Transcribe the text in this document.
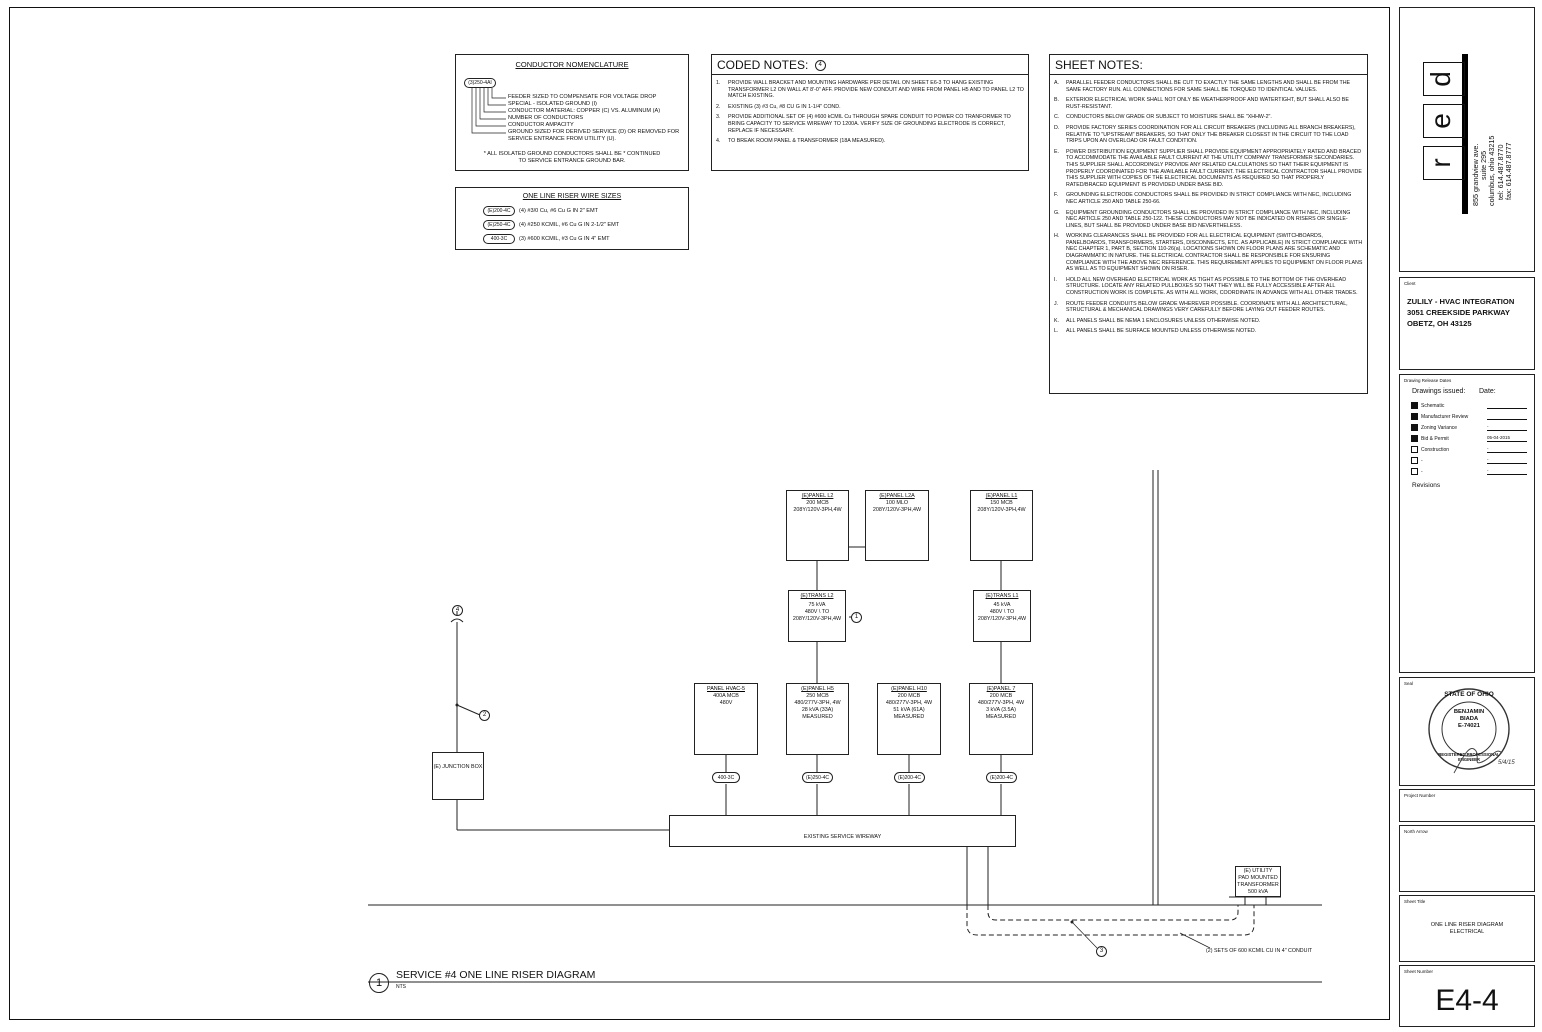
CONDUCTOR NOMENCLATURE
(3)250-4AI
FEEDER SIZED TO COMPENSATE FOR VOLTAGE DROP
SPECIAL - ISOLATED GROUND (I)
CONDUCTOR MATERIAL: COPPER (C) VS. ALUMINUM (A)
NUMBER OF CONDUCTORS
CONDUCTOR AMPACITY
GROUND SIZED FOR DERIVED SERVICE (D) OR REMOVED FOR
SERVICE ENTRANCE FROM UTILITY (U).
* ALL ISOLATED GROUND CONDUCTORS SHALL BE * CONTINUED
TO SERVICE ENTRANCE GROUND BAR.
ONE LINE RISER WIRE SIZES
(E)200-4C	(4) #3/0 Cu, #6 Cu G IN 2" EMT
(E)250-4C	(4) #250 KCMIL, #6 Cu G IN 2-1/2" EMT
400-3C	(3) #600 KCMIL, #3 Cu G IN 4" EMT
CODED NOTES: 4
1.	PROVIDE WALL BRACKET AND MOUNTING HARDWARE PER DETAIL ON SHEET E6-3 TO HANG EXISTING TRANSFORMER L2 ON WALL AT 8'-0" AFF. PROVIDE NEW CONDUIT AND WIRE FROM PANEL H5 AND TO PANEL L2 TO MATCH EXISTING.
2.	EXISTING (3) #3 Cu, #8 CU G IN 1-1/4" COND.
3.	PROVIDE ADDITIONAL SET OF (4) #600 kCMIL Cu THROUGH SPARE CONDUIT TO POWER CO TRANFORMER TO BRING CAPACITY TO SERVICE WIREWAY TO 1200A. VERIFY SIZE OF GROUNDING ELECTRODE IS CORRECT, REPLACE IF NECESSARY.
4.	TO BREAK ROOM PANEL & TRANSFORMER (18A MEASURED).
SHEET NOTES:
A.	PARALLEL FEEDER CONDUCTORS SHALL BE CUT TO EXACTLY THE SAME LENGTHS AND SHALL BE FROM THE SAME FACTORY RUN. ALL CONNECTIONS FOR SAME SHALL BE TORQUED TO IDENTICAL VALUES.
B.	EXTERIOR ELECTRICAL WORK SHALL NOT ONLY BE WEATHERPROOF AND WATERTIGHT, BUT SHALL ALSO BE RUST-RESISTANT.
C.	CONDUCTORS BELOW GRADE OR SUBJECT TO MOISTURE SHALL BE "XHHW-2".
D.	PROVIDE FACTORY SERIES COORDINATION FOR ALL CIRCUIT BREAKERS (INCLUDING ALL BRANCH BREAKERS), RELATIVE TO "UPSTREAM" BREAKERS, SO THAT ONLY THE BREAKER CLOSEST IN THE CIRCUIT TO THE LOAD TRIPS UPON AN OVERLOAD OR FAULT CONDITION.
E.	POWER DISTRIBUTION EQUIPMENT SUPPLIER SHALL PROVIDE EQUIPMENT APPROPRIATELY RATED AND BRACED TO ACCOMMODATE THE AVAILABLE FAULT CURRENT AT THE UTILITY COMPANY TRANSFORMER SECONDARIES. THIS SUPPLIER SHALL ACCORDINGLY PROVIDE ANY RELATED CALCULATIONS SO THAT THEIR EQUIPMENT IS PROPERLY COORDINATED FOR THE AVAILABLE FAULT CURRENT. THE ELECTRICAL CONTRACTOR SHALL PROVIDE THIS SUPPLIER WITH COPIES OF THE ELECTRICAL DOCUMENTS AS REQUIRED SO THAT PROPERLY RATED/BRACED EQUIPMENT IS PROVIDED UNDER BASE BID.
F.	GROUNDING ELECTRODE CONDUCTORS SHALL BE PROVIDED IN STRICT COMPLIANCE WITH NEC, INCLUDING NEC ARTICLE 250 AND TABLE 250-66.
G.	EQUIPMENT GROUNDING CONDUCTORS SHALL BE PROVIDED IN STRICT COMPLIANCE WITH NEC, INCLUDING NEC ARTICLE 250 AND TABLE 250-122. THESE CONDUCTORS MAY NOT BE INDICATED ON RISERS OR SINGLE-LINES, BUT SHALL BE PROVIDED UNDER BASE BID NEVERTHELESS.
H.	WORKING CLEARANCES SHALL BE PROVIDED FOR ALL ELECTRICAL EQUIPMENT (SWITCHBOARDS, PANELBOARDS, TRANSFORMERS, STARTERS, DISCONNECTS, ETC. AS APPLICABLE) IN STRICT COMPLIANCE WITH NEC CHAPTER 1, PART B, SECTION 110-26(a). LOCATIONS SHOWN ON FLOOR PLANS ARE SCHEMATIC AND DIAGRAMMATIC IN NATURE. THE ELECTRICAL CONTRACTOR SHALL BE RESPONSIBLE FOR ENSURING COMPLIANCE WITH THE ABOVE NEC REFERENCE. THIS REQUIREMENT APPLIES TO EQUIPMENT ON FLOOR PLANS AS WELL AS TO EQUIPMENT SHOWN ON RISER.
I.	HOLD ALL NEW OVERHEAD ELECTRICAL WORK AS TIGHT AS POSSIBLE TO THE BOTTOM OF THE OVERHEAD STRUCTURE. LOCATE ANY RELATED PULLBOXES SO THAT THEY WILL BE FULLY ACCESSIBLE AFTER ALL CONSTRUCTION WORK IS COMPLETE. AS WITH ALL WORK, COORDINATE IN ADVANCE WITH ALL OTHER TRADES.
J.	ROUTE FEEDER CONDUITS BELOW GRADE WHEREVER POSSIBLE. COORDINATE WITH ALL ARCHITECTURAL, STRUCTURAL & MECHANICAL DRAWINGS VERY CAREFULLY BEFORE LAYING OUT FEEDER ROUTES.
K.	ALL PANELS SHALL BE NEMA 1 ENCLOSURES UNLESS OTHERWISE NOTED.
L.	ALL PANELS SHALL BE SURFACE MOUNTED UNLESS OTHERWISE NOTED.
(E)PANEL L2
200 MCB
208Y/120V-3PH,4W
(E)PANEL L2A
100 MLO
208Y/120V-3PH,4W
(E)PANEL L1
150 MCB
208Y/120V-3PH,4W
(E)TRANS L2
75 kVA
480V \ TO
208Y/120V-3PH,4W
(E)TRANS L1
45 kVA
480V \ TO
208Y/120V-3PH,4W
PANEL HVAC-5
400A MCB
480V
(E)PANEL H5
250 MCB
480/277V-3PH, 4W
28 kVA (33A)
MEASURED
(E)PANEL H10
200 MCB
480/277V-3PH, 4W
51 kVA (61A)
MEASURED
(E)PANEL 7
200 MCB
480/277V-3PH, 4W
3 kVA (3.5A)
MEASURED
400-3C	(E)250-4C	(E)200-4C	(E)200-4C
EXISTING SERVICE WIREWAY
(E) JUNCTION BOX
(E) UTILITY
PAD MOUNTED
TRANSFORMER
500 kVA
(2) SETS OF 600 KCMIL CU IN 4" CONDUIT
1
2
3
4
1
SERVICE #4 ONE LINE RISER DIAGRAM
NTS
r
e
d
855 grandview ave. suite 295 columbus, ohio 43215 tel: 614.487.8770 fax: 614.487.8777
Client
ZULILY - HVAC INTEGRATION
3051 CREEKSIDE PARKWAY
OBETZ, OH 43125
Drawing Release Dates
Drawings issued: Date:
Schematic
Manufacturer Review
Zoning Variance	-
Bid & Permit	05-04-2015
Construction	-
-	-
-	-
Revisions
Seal
STATE OF OHIO
BENJAMIN
BIADA
E-74021
REGISTERED PROFESSIONAL ENGINEER
5/4/15
Project Number
North Arrow
Sheet Title
ONE LINE RISER DIAGRAM
ELECTRICAL
Sheet Number
E4-4
